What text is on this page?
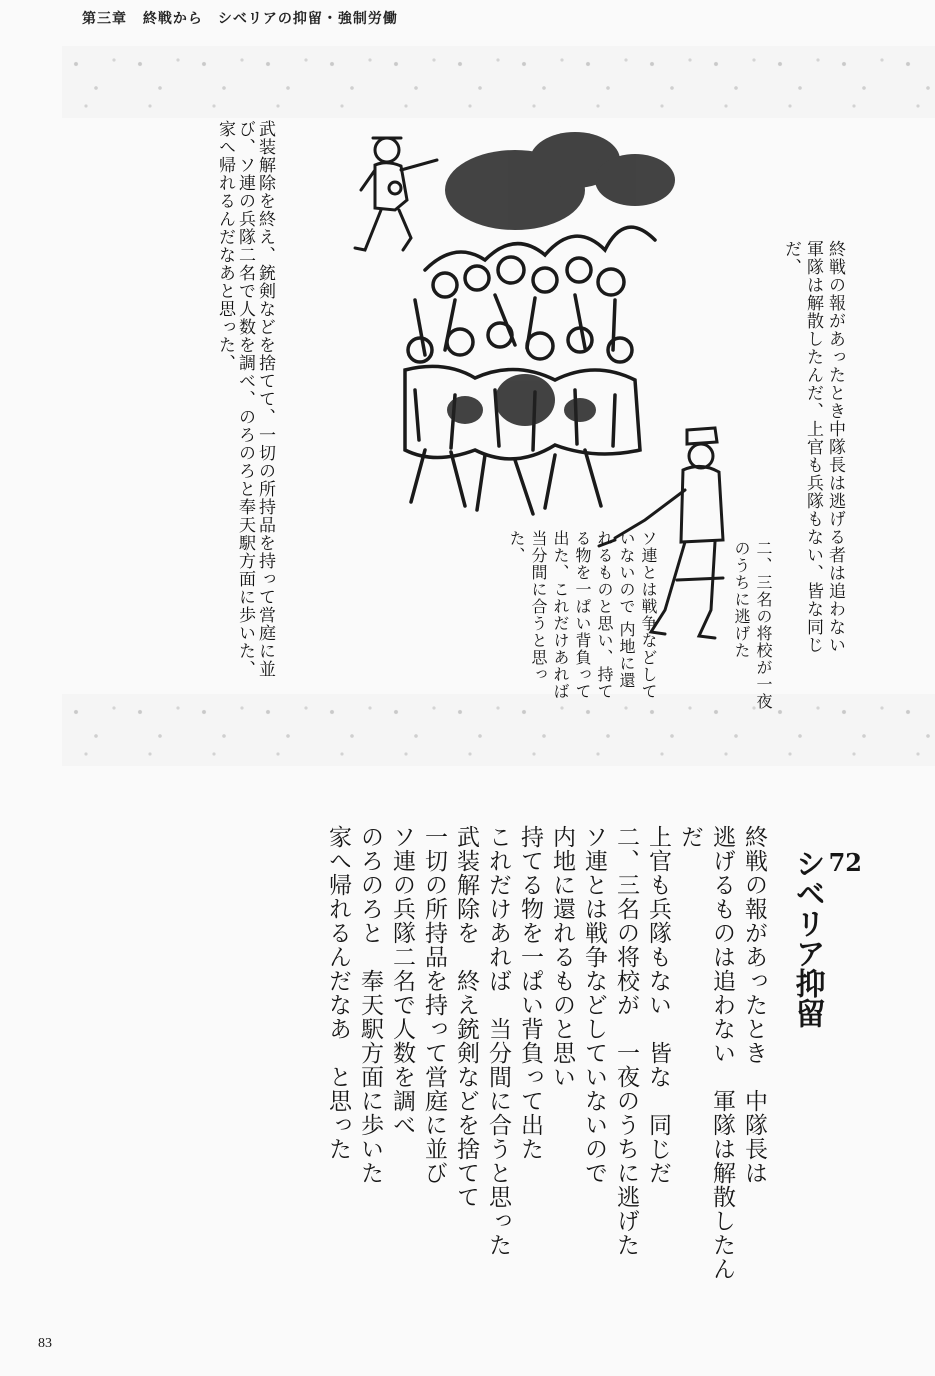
第三章 終戦から　シベリアの抑留・強制労働
終戦の報があったとき中隊長は逃げる者は追わない 軍隊は解散したんだ、上官も兵隊もない、皆な同じだ、
二、三名の将校が一夜のうちに逃げた
ソ連とは戦争などしていないので 内地に還れるものと思い、持てる物を一ぱい背負って出た、これだけあれば当分間に合うと思った、
武装解除を終え、銃剣などを捨てて、一切の所持品を持って営庭に並び、ソ連の兵隊二名で人数を調べ、のろのろと奉天駅方面に歩いた、家へ帰れるんだなあと思った、
72
シベリア抑留
終戦の報があったとき　中隊長は
逃げるものは追わない　軍隊は解散したんだ
上官も兵隊もない　皆な　同じだ
二、三名の将校が　一夜のうちに逃げた
ソ連とは戦争などしていないので
内地に還れるものと思い
持てる物を一ぱい背負って出た
これだけあれば　当分間に合うと思った
武装解除を　終え銃剣などを捨てて
一切の所持品を持って営庭に並び
ソ連の兵隊二名で人数を調べ
のろのろと　奉天駅方面に歩いた
家へ帰れるんだなあ　と思った
83
